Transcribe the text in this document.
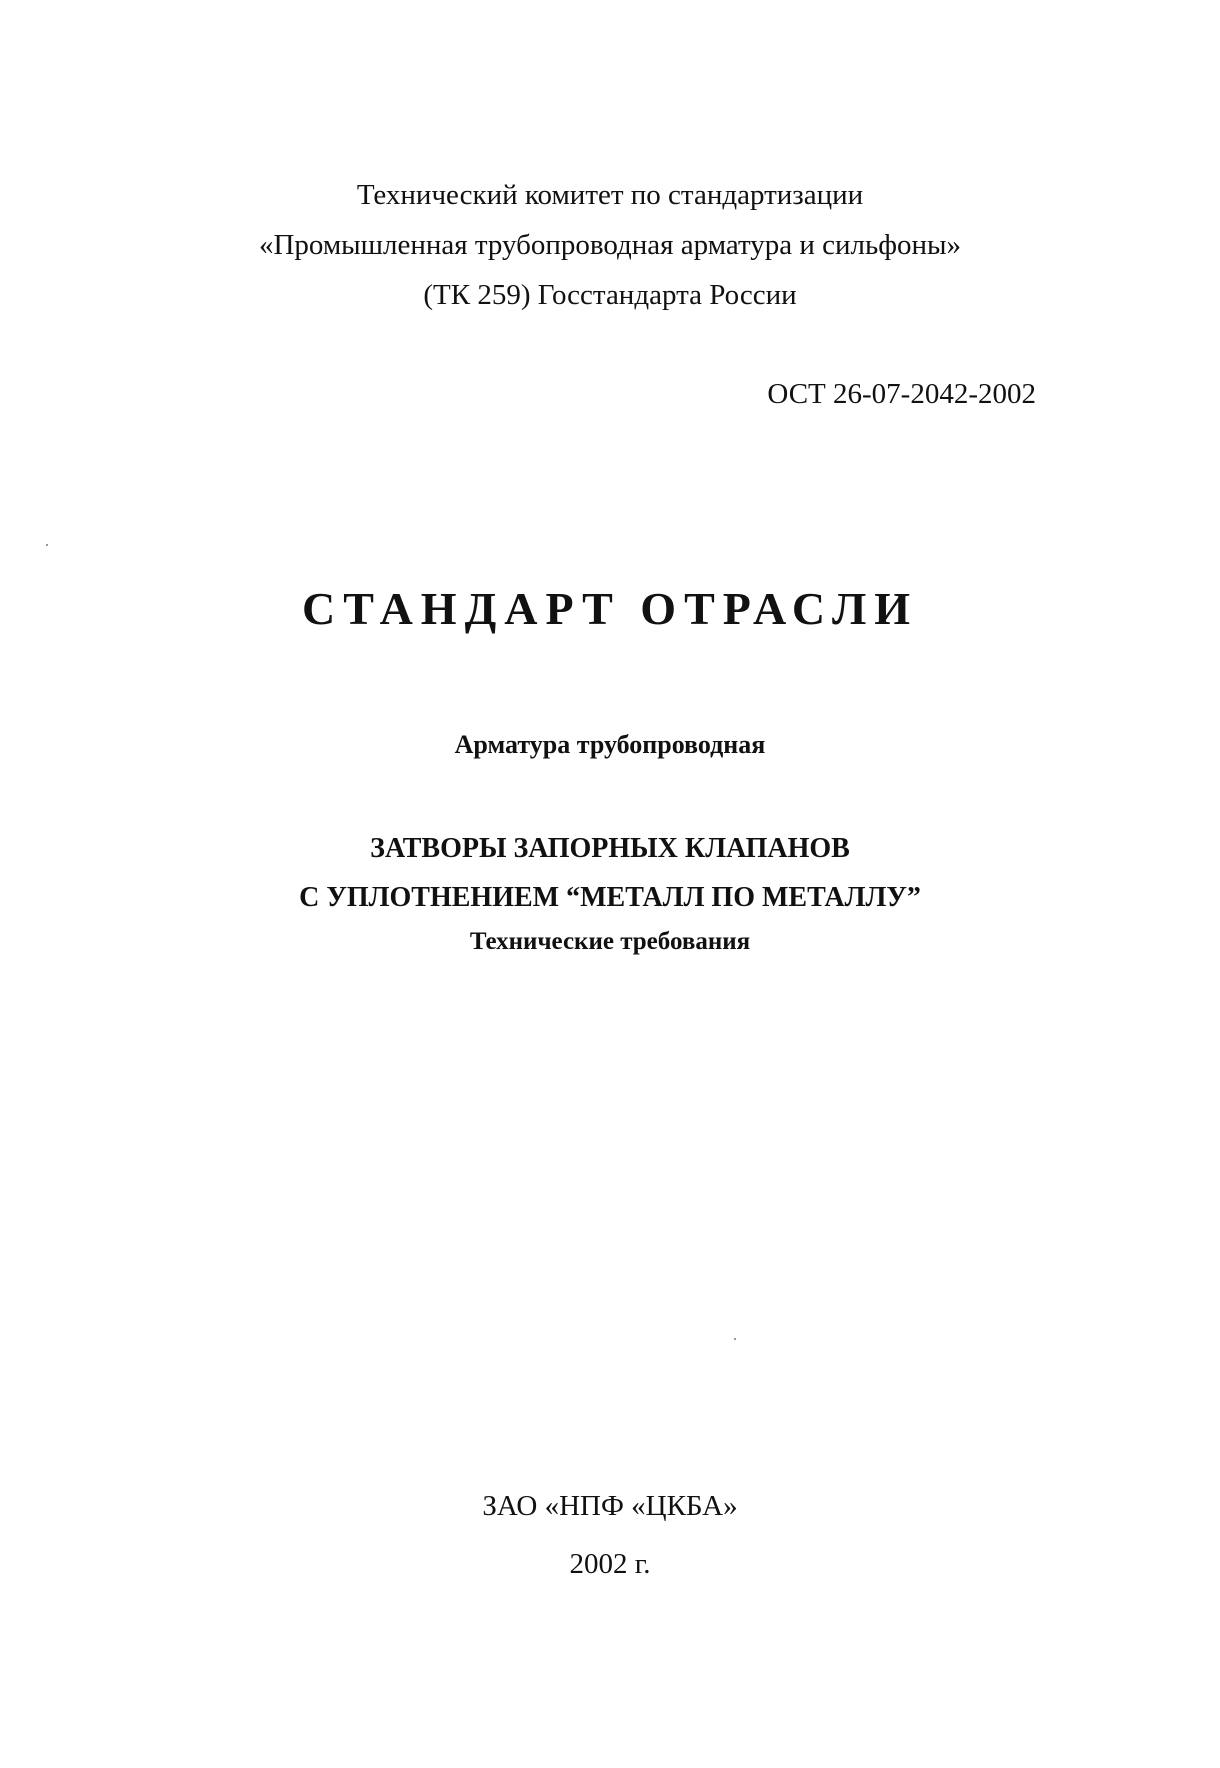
Технический комитет по стандартизации
«Промышленная трубопроводная арматура и сильфоны»
(ТК 259) Госстандарта России
ОСТ 26-07-2042-2002
СТАНДАРТ ОТРАСЛИ
Арматура трубопроводная
ЗАТВОРЫ ЗАПОРНЫХ КЛАПАНОВ
С УПЛОТНЕНИЕМ “МЕТАЛЛ ПО МЕТАЛЛУ”
Технические требования
ЗАО «НПФ «ЦКБА»
2002 г.
